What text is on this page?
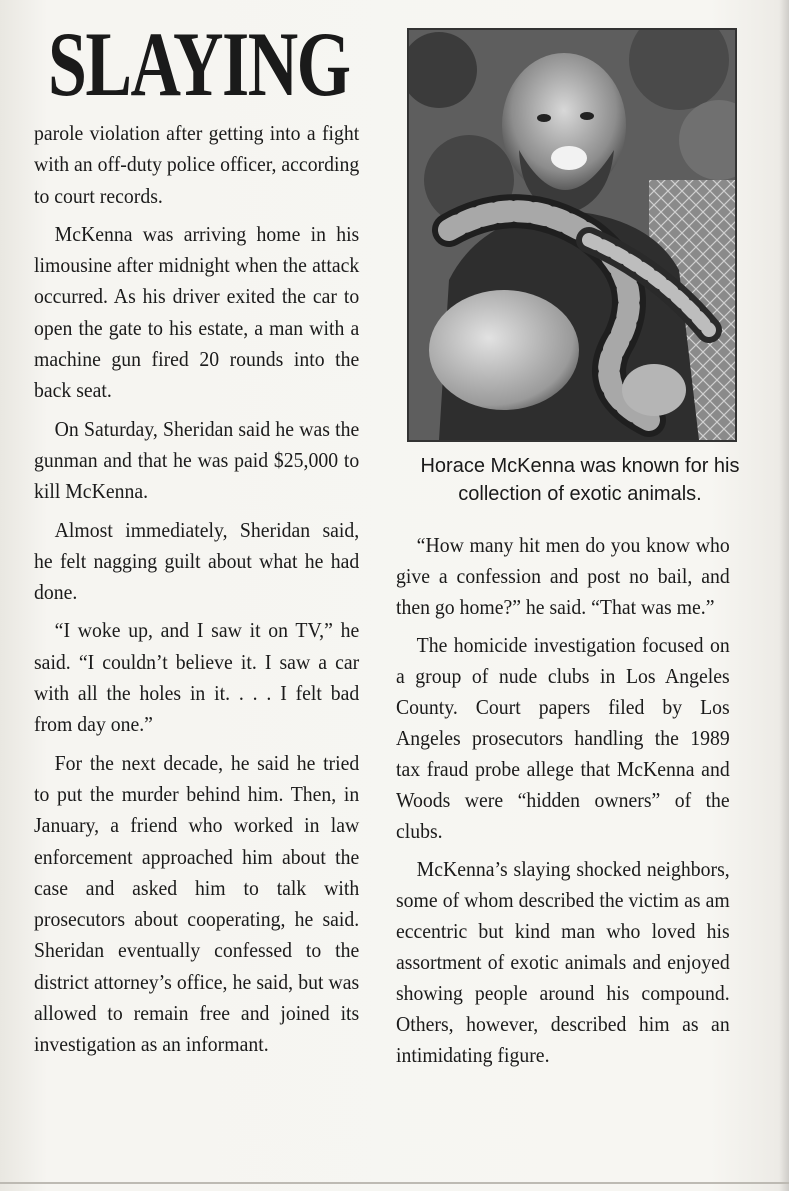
SLAYING

parole violation after getting into a fight with an off-duty police officer, according to court records.

McKenna was arriving home in his limousine after midnight when the attack occurred. As his driver exited the car to open the gate to his estate, a man with a machine gun fired 20 rounds into the back seat.

On Saturday, Sheridan said he was the gunman and that he was paid $25,000 to kill McKenna.

Almost immediately, Sheridan said, he felt nagging guilt about what he had done.

“I woke up, and I saw it on TV,” he said. “I couldn’t believe it. I saw a car with all the holes in it. . . . I felt bad from day one.”

For the next decade, he said he tried to put the murder behind him. Then, in January, a friend who worked in law enforcement approached him about the case and asked him to talk with prosecutors about cooperating, he said. Sheridan eventually confessed to the district attorney’s office, he said, but was allowed to remain free and joined its investigation as an informant.

Horace McKenna was known for his collection of exotic animals.

“How many hit men do you know who give a confession and post no bail, and then go home?” he said. “That was me.”

The homicide investigation focused on a group of nude clubs in Los Angeles County. Court papers filed by Los Angeles prosecutors handling the 1989 tax fraud probe allege that McKenna and Woods were “hidden owners” of the clubs.

McKenna’s slaying shocked neighbors, some of whom described the victim as am eccentric but kind man who loved his assortment of exotic animals and enjoyed showing people around his compound. Others, however, described him as an intimidating figure.
